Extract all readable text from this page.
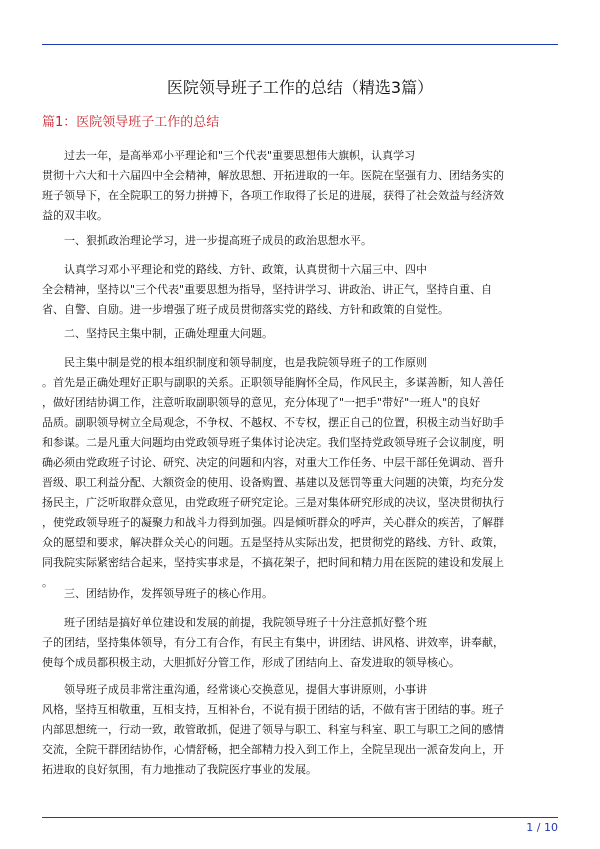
医院领导班子工作的总结（精选3篇）
篇1：医院领导班子工作的总结
过去一年，是高举邓小平理论和"三个代表"重要思想伟大旗帜，认真学习
贯彻十六大和十六届四中全会精神，解放思想、开拓进取的一年。医院在坚强有力、团结务实的
班子领导下，在全院职工的努力拼搏下，各项工作取得了长足的进展，获得了社会效益与经济效
益的双丰收。
一、狠抓政治理论学习，进一步提高班子成员的政治思想水平。
认真学习邓小平理论和党的路线、方针、政策，认真贯彻十六届三中、四中
全会精神，坚持以"三个代表"重要思想为指导，坚持讲学习、讲政治、讲正气，坚持自重、自
省、自警、自励。进一步增强了班子成员贯彻落实党的路线、方针和政策的自觉性。
二、坚持民主集中制，正确处理重大问题。
民主集中制是党的根本组织制度和领导制度，也是我院领导班子的工作原则
。首先是正确处理好正职与副职的关系。正职领导能胸怀全局，作风民主，多谋善断，知人善任
，做好团结协调工作，注意听取副职领导的意见，充分体现了"一把手"带好"一班人"的良好
品质。副职领导树立全局观念，不争权、不越权、不专权，摆正自己的位置，积极主动当好助手
和参谋。二是凡重大问题均由党政领导班子集体讨论决定。我们坚持党政领导班子会议制度，明
确必须由党政班子讨论、研究、决定的问题和内容，对重大工作任务、中层干部任免调动、晋升
晋级、职工利益分配、大额资金的使用、设备购置、基建以及惩罚等重大问题的决策，均充分发
扬民主，广泛听取群众意见，由党政班子研究定论。三是对集体研究形成的决议，坚决贯彻执行
，使党政领导班子的凝聚力和战斗力得到加强。四是倾听群众的呼声，关心群众的疾苦，了解群
众的愿望和要求，解决群众关心的问题。五是坚持从实际出发，把贯彻党的路线、方针、政策，
同我院实际紧密结合起来，坚持实事求是，不搞花架子，把时间和精力用在医院的建设和发展上
。
三、团结协作，发挥领导班子的核心作用。
班子团结是搞好单位建设和发展的前提，我院领导班子十分注意抓好整个班
子的团结，坚持集体领导，有分工有合作，有民主有集中，讲团结、讲风格、讲效率，讲奉献，
使每个成员都积极主动，大胆抓好分管工作，形成了团结向上、奋发进取的领导核心。
领导班子成员非常注重沟通，经常谈心交换意见，提倡大事讲原则，小事讲
风格，坚持互相敬重，互相支持，互相补台，不说有损于团结的话，不做有害于团结的事。班子
内部思想统一，行动一致，敢管敢抓，促进了领导与职工、科室与科室、职工与职工之间的感情
交流，全院干群团结协作，心情舒畅，把全部精力投入到工作上，全院呈现出一派奋发向上，开
拓进取的良好氛围，有力地推动了我院医疗事业的发展。
1 / 10
